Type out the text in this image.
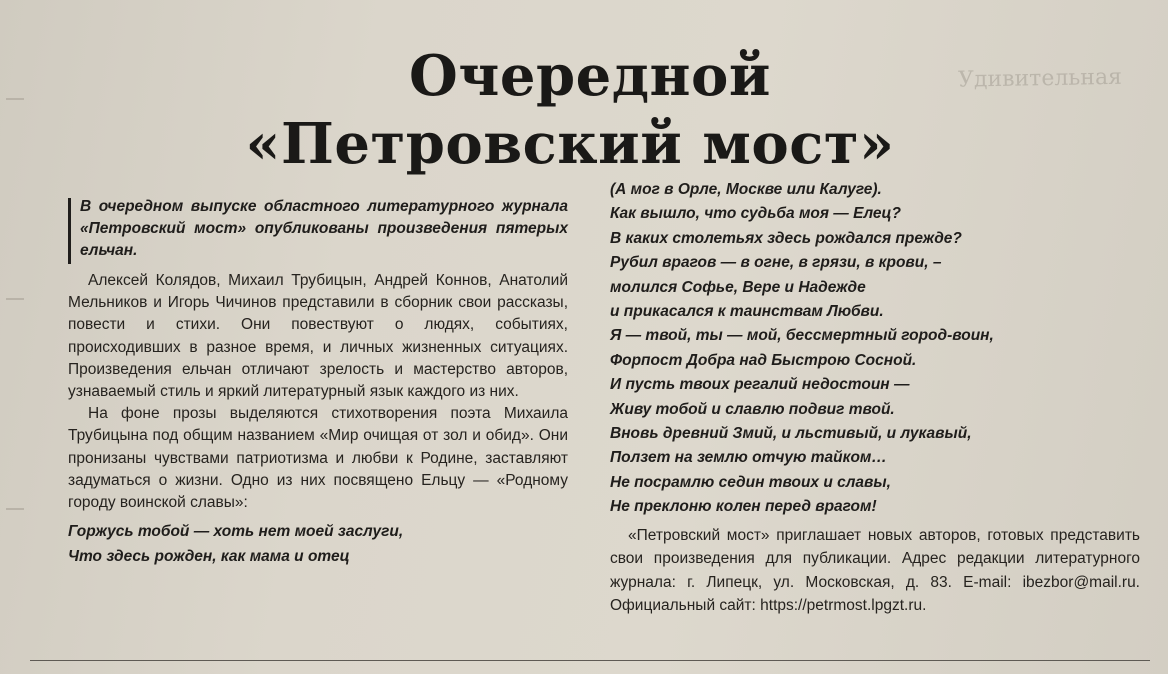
Удивительная
Очередной
«Петровский мост»
В очередном выпуске областного литературного журнала «Петровский мост» опубликованы произведения пятерых ельчан.

Алексей Колядов, Михаил Трубицын, Андрей Коннов, Анатолий Мельников и Игорь Чичинов представили в сборник свои рассказы, повести и стихи. Они повествуют о людях, событиях, происходивших в разное время, и личных жизненных ситуациях. Произведения ельчан отличают зрелость и мастерство авторов, узнаваемый стиль и яркий литературный язык каждого из них.

На фоне прозы выделяются стихотворения поэта Михаила Трубицына под общим названием «Мир очищая от зол и обид». Они пронизаны чувствами патриотизма и любви к Родине, заставляют задуматься о жизни. Одно из них посвящено Ельцу — «Родному городу воинской славы»:

Горжусь тобой — хоть нет моей заслуги,
Что здесь рожден, как мама и отец
(А мог в Орле, Москве или Калуге).
Как вышло, что судьба моя — Елец?
В каких столетьях здесь рождался прежде?
Рубил врагов — в огне, в грязи, в крови, –
молился Софье, Вере и Надежде
и прикасался к таинствам Любви.
Я — твой, ты — мой, бессмертный город-воин,
Форпост Добра над Быстрою Сосной.
И пусть твоих регалий недостоин —
Живу тобой и славлю подвиг твой.
Вновь древний Змий, и льстивый, и лукавый,
Ползет на землю отчую тайком…
Не посрамлю седин твоих и славы,
Не преклоню колен перед врагом!

«Петровский мост» приглашает новых авторов, готовых представить свои произведения для публикации. Адрес редакции литературного журнала: г. Липецк, ул. Московская, д. 83. E-mail: ibezbor@mail.ru. Официальный сайт: https://petrmost.lpgzt.ru.
